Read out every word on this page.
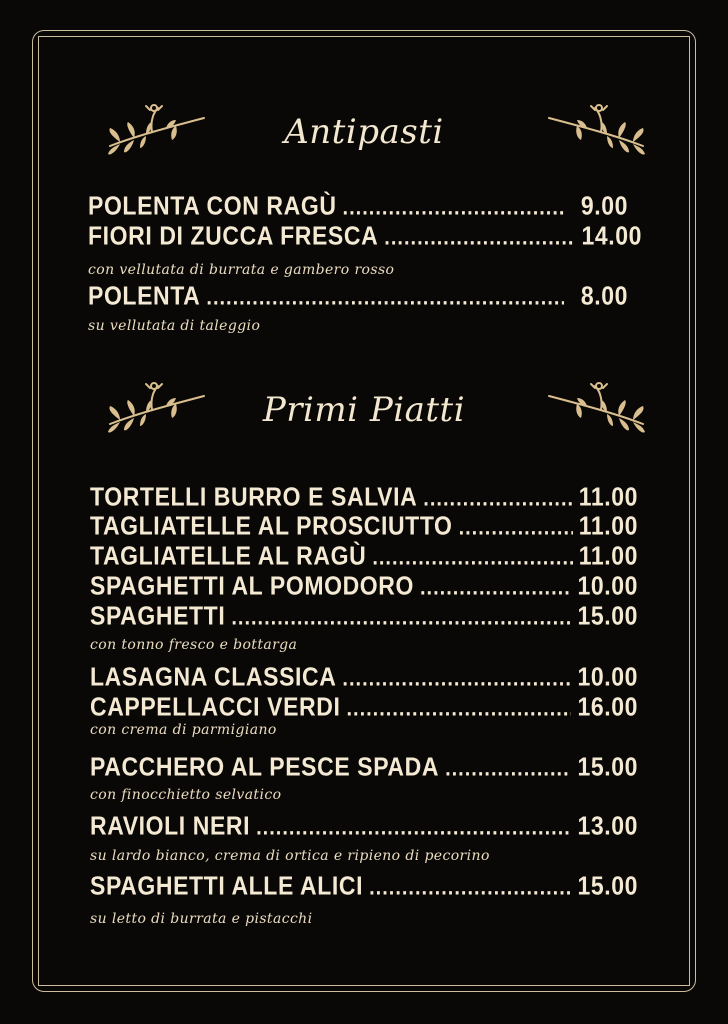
Antipasti
POLENTA CON RAGÙ .....	9.00
FIORI DI ZUCCA FRESCA .....	14.00
con vellutata di burrata e gambero rosso
POLENTA .....	8.00
su vellutata di taleggio
Primi Piatti
TORTELLI BURRO E SALVIA .....	11.00
TAGLIATELLE AL PROSCIUTTO .....	11.00
TAGLIATELLE AL RAGÙ .....	11.00
SPAGHETTI AL POMODORO .....	10.00
SPAGHETTI .....	15.00
con tonno fresco e bottarga
LASAGNA CLASSICA .....	10.00
CAPPELLACCI VERDI .....	16.00
con crema di parmigiano
PACCHERO AL PESCE SPADA .....	15.00
con finocchietto selvatico
RAVIOLI NERI .....	13.00
su lardo bianco, crema di ortica e ripieno di pecorino
SPAGHETTI ALLE ALICI .....	15.00
su letto di burrata e pistacchi
